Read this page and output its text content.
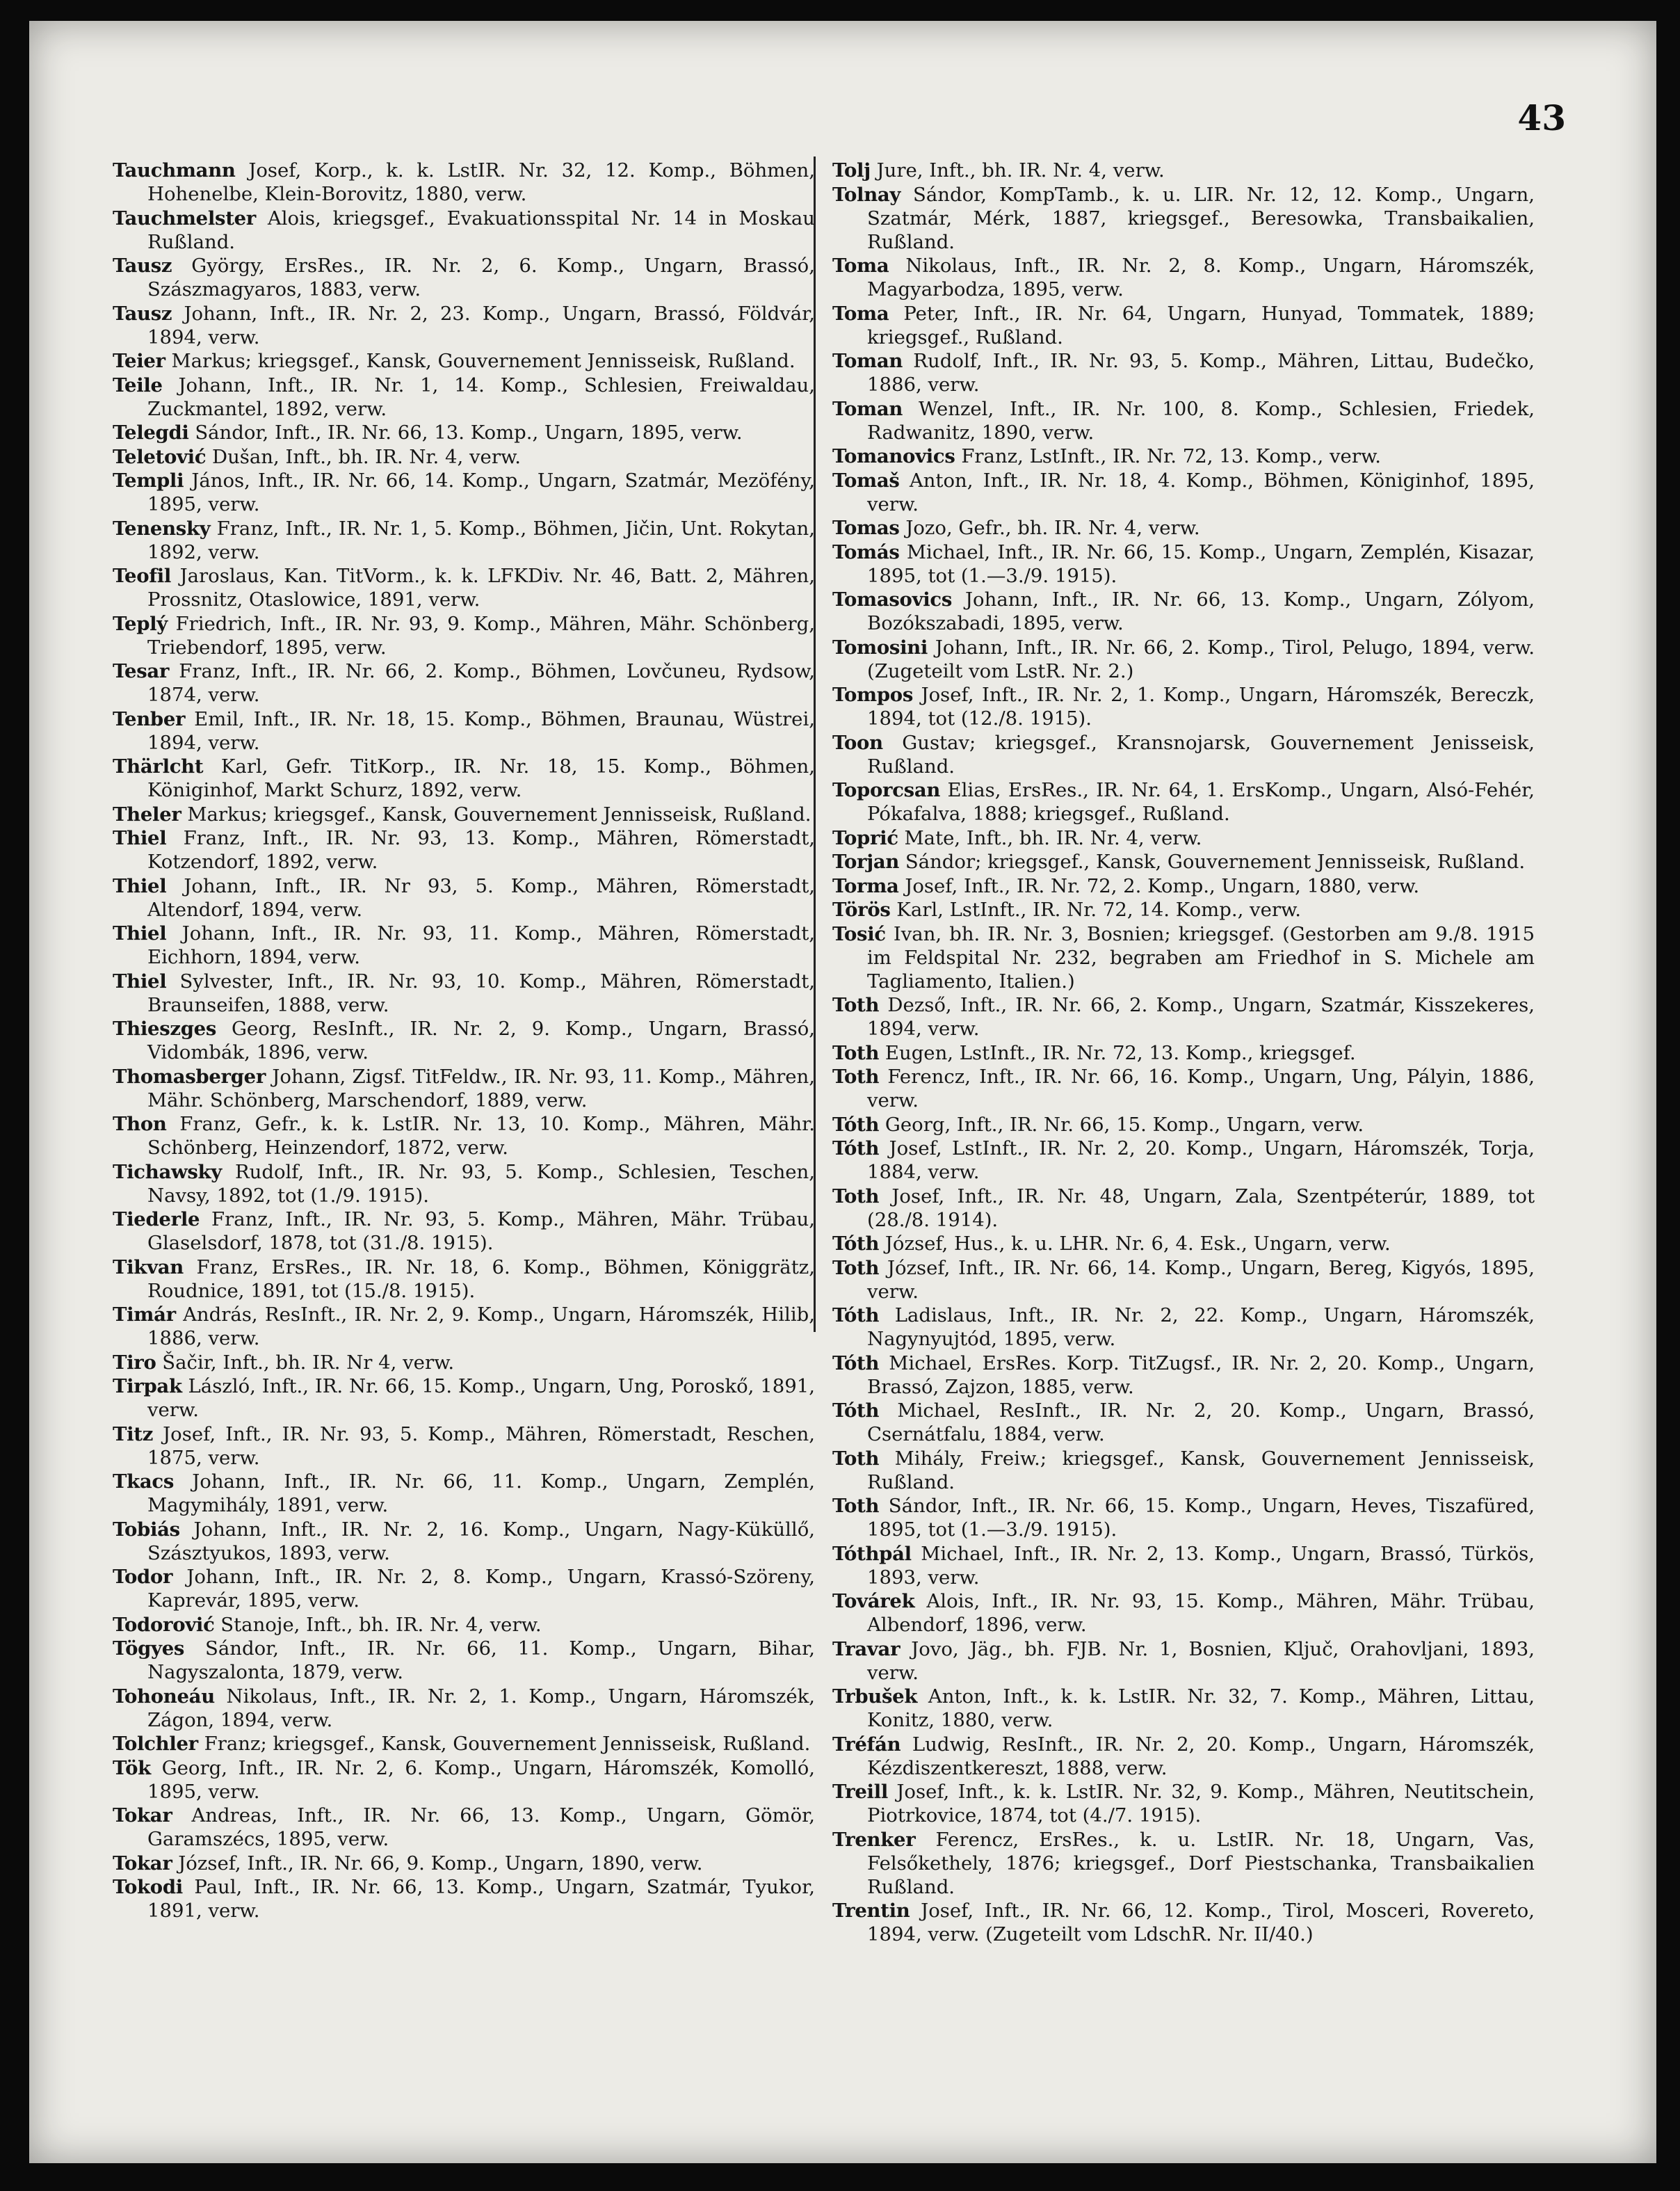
43

Tauchmann Josef, Korp., k. k. LstIR. Nr. 32, 12. Komp., Böhmen, Hohenelbe, Klein-Borovitz, 1880, verw.

Tauchmelster Alois, kriegsgef., Evakuationsspital Nr. 14 in Moskau Rußland.

Tausz György, ErsRes., IR. Nr. 2, 6. Komp., Ungarn, Brassó, Szászmagyaros, 1883, verw.

Tausz Johann, Inft., IR. Nr. 2, 23. Komp., Ungarn, Brassó, Földvár, 1894, verw.

Teier Markus; kriegsgef., Kansk, Gouvernement Jennisseisk, Rußland.

Teile Johann, Inft., IR. Nr. 1, 14. Komp., Schlesien, Freiwaldau, Zuckmantel, 1892, verw.

Telegdi Sándor, Inft., IR. Nr. 66, 13. Komp., Ungarn, 1895, verw.

Teletović Dušan, Inft., bh. IR. Nr. 4, verw.

Templi János, Inft., IR. Nr. 66, 14. Komp., Ungarn, Szatmár, Mezöfény, 1895, verw.

Tenensky Franz, Inft., IR. Nr. 1, 5. Komp., Böhmen, Jičin, Unt. Rokytan, 1892, verw.

Teofil Jaroslaus, Kan. TitVorm., k. k. LFKDiv. Nr. 46, Batt. 2, Mähren, Prossnitz, Otaslowice, 1891, verw.

Teplý Friedrich, Inft., IR. Nr. 93, 9. Komp., Mähren, Mähr. Schönberg, Triebendorf, 1895, verw.

Tesar Franz, Inft., IR. Nr. 66, 2. Komp., Böhmen, Lovčuneu, Rydsow, 1874, verw.

Tenber Emil, Inft., IR. Nr. 18, 15. Komp., Böhmen, Braunau, Wüstrei, 1894, verw.

Thärlcht Karl, Gefr. TitKorp., IR. Nr. 18, 15. Komp., Böhmen, Königinhof, Markt Schurz, 1892, verw.

Theler Markus; kriegsgef., Kansk, Gouvernement Jennisseisk, Rußland.

Thiel Franz, Inft., IR. Nr. 93, 13. Komp., Mähren, Römerstadt, Kotzendorf, 1892, verw.

Thiel Johann, Inft., IR. Nr 93, 5. Komp., Mähren, Römerstadt, Altendorf, 1894, verw.

Thiel Johann, Inft., IR. Nr. 93, 11. Komp., Mähren, Römerstadt, Eichhorn, 1894, verw.

Thiel Sylvester, Inft., IR. Nr. 93, 10. Komp., Mähren, Römerstadt, Braunseifen, 1888, verw.

Thieszges Georg, ResInft., IR. Nr. 2, 9. Komp., Ungarn, Brassó, Vidombák, 1896, verw.

Thomasberger Johann, Zigsf. TitFeldw., IR. Nr. 93, 11. Komp., Mähren, Mähr. Schönberg, Marschendorf, 1889, verw.

Thon Franz, Gefr., k. k. LstIR. Nr. 13, 10. Komp., Mähren, Mähr. Schönberg, Heinzendorf, 1872, verw.

Tichawsky Rudolf, Inft., IR. Nr. 93, 5. Komp., Schlesien, Teschen, Navsy, 1892, tot (1./9. 1915).

Tiederle Franz, Inft., IR. Nr. 93, 5. Komp., Mähren, Mähr. Trübau, Glaselsdorf, 1878, tot (31./8. 1915).

Tikvan Franz, ErsRes., IR. Nr. 18, 6. Komp., Böhmen, Königgrätz, Roudnice, 1891, tot (15./8. 1915).

Timár András, ResInft., IR. Nr. 2, 9. Komp., Ungarn, Háromszék, Hilib, 1886, verw.

Tiro Šačir, Inft., bh. IR. Nr 4, verw.

Tirpak László, Inft., IR. Nr. 66, 15. Komp., Ungarn, Ung, Poroskő, 1891, verw.

Titz Josef, Inft., IR. Nr. 93, 5. Komp., Mähren, Römerstadt, Reschen, 1875, verw.

Tkacs Johann, Inft., IR. Nr. 66, 11. Komp., Ungarn, Zemplén, Magymihály, 1891, verw.

Tobiás Johann, Inft., IR. Nr. 2, 16. Komp., Ungarn, Nagy-Küküllő, Szásztyukos, 1893, verw.

Todor Johann, Inft., IR. Nr. 2, 8. Komp., Ungarn, Krassó-Szöreny, Kaprevár, 1895, verw.

Todorović Stanoje, Inft., bh. IR. Nr. 4, verw.

Tögyes Sándor, Inft., IR. Nr. 66, 11. Komp., Ungarn, Bihar, Nagyszalonta, 1879, verw.

Tohoneáu Nikolaus, Inft., IR. Nr. 2, 1. Komp., Ungarn, Háromszék, Zágon, 1894, verw.

Tolchler Franz; kriegsgef., Kansk, Gouvernement Jennisseisk, Rußland.

Tök Georg, Inft., IR. Nr. 2, 6. Komp., Ungarn, Háromszék, Komolló, 1895, verw.

Tokar Andreas, Inft., IR. Nr. 66, 13. Komp., Ungarn, Gömör, Garamszécs, 1895, verw.

Tokar József, Inft., IR. Nr. 66, 9. Komp., Ungarn, 1890, verw.

Tokodi Paul, Inft., IR. Nr. 66, 13. Komp., Ungarn, Szatmár, Tyukor, 1891, verw.

Tolj Jure, Inft., bh. IR. Nr. 4, verw.

Tolnay Sándor, KompTamb., k. u. LIR. Nr. 12, 12. Komp., Ungarn, Szatmár, Mérk, 1887, kriegsgef., Beresowka, Transbaikalien, Rußland.

Toma Nikolaus, Inft., IR. Nr. 2, 8. Komp., Ungarn, Háromszék, Magyarbodza, 1895, verw.

Toma Peter, Inft., IR. Nr. 64, Ungarn, Hunyad, Tommatek, 1889; kriegsgef., Rußland.

Toman Rudolf, Inft., IR. Nr. 93, 5. Komp., Mähren, Littau, Budečko, 1886, verw.

Toman Wenzel, Inft., IR. Nr. 100, 8. Komp., Schlesien, Friedek, Radwanitz, 1890, verw.

Tomanovics Franz, LstInft., IR. Nr. 72, 13. Komp., verw.

Tomaš Anton, Inft., IR. Nr. 18, 4. Komp., Böhmen, Königinhof, 1895, verw.

Tomas Jozo, Gefr., bh. IR. Nr. 4, verw.

Tomás Michael, Inft., IR. Nr. 66, 15. Komp., Ungarn, Zemplén, Kisazar, 1895, tot (1.—3./9. 1915).

Tomasovics Johann, Inft., IR. Nr. 66, 13. Komp., Ungarn, Zólyom, Bozókszabadi, 1895, verw.

Tomosini Johann, Inft., IR. Nr. 66, 2. Komp., Tirol, Pelugo, 1894, verw. (Zugeteilt vom LstR. Nr. 2.)

Tompos Josef, Inft., IR. Nr. 2, 1. Komp., Ungarn, Háromszék, Bereczk, 1894, tot (12./8. 1915).

Toon Gustav; kriegsgef., Kransnojarsk, Gouvernement Jenisseisk, Rußland.

Toporcsan Elias, ErsRes., IR. Nr. 64, 1. ErsKomp., Ungarn, Alsó-Fehér, Pókafalva, 1888; kriegsgef., Rußland.

Toprić Mate, Inft., bh. IR. Nr. 4, verw.

Torjan Sándor; kriegsgef., Kansk, Gouvernement Jennisseisk, Rußland.

Torma Josef, Inft., IR. Nr. 72, 2. Komp., Ungarn, 1880, verw.

Törös Karl, LstInft., IR. Nr. 72, 14. Komp., verw.

Tosić Ivan, bh. IR. Nr. 3, Bosnien; kriegsgef. (Gestorben am 9./8. 1915 im Feldspital Nr. 232, begraben am Friedhof in S. Michele am Tagliamento, Italien.)

Toth Dezső, Inft., IR. Nr. 66, 2. Komp., Ungarn, Szatmár, Kisszekeres, 1894, verw.

Toth Eugen, LstInft., IR. Nr. 72, 13. Komp., kriegsgef.

Toth Ferencz, Inft., IR. Nr. 66, 16. Komp., Ungarn, Ung, Pályin, 1886, verw.

Tóth Georg, Inft., IR. Nr. 66, 15. Komp., Ungarn, verw.

Tóth Josef, LstInft., IR. Nr. 2, 20. Komp., Ungarn, Háromszék, Torja, 1884, verw.

Toth Josef, Inft., IR. Nr. 48, Ungarn, Zala, Szentpéterúr, 1889, tot (28./8. 1914).

Tóth József, Hus., k. u. LHR. Nr. 6, 4. Esk., Ungarn, verw.

Toth József, Inft., IR. Nr. 66, 14. Komp., Ungarn, Bereg, Kigyós, 1895, verw.

Tóth Ladislaus, Inft., IR. Nr. 2, 22. Komp., Ungarn, Háromszék, Nagynyujtód, 1895, verw.

Tóth Michael, ErsRes. Korp. TitZugsf., IR. Nr. 2, 20. Komp., Ungarn, Brassó, Zajzon, 1885, verw.

Tóth Michael, ResInft., IR. Nr. 2, 20. Komp., Ungarn, Brassó, Csernátfalu, 1884, verw.

Toth Mihály, Freiw.; kriegsgef., Kansk, Gouvernement Jennisseisk, Rußland.

Toth Sándor, Inft., IR. Nr. 66, 15. Komp., Ungarn, Heves, Tiszafüred, 1895, tot (1.—3./9. 1915).

Tóthpál Michael, Inft., IR. Nr. 2, 13. Komp., Ungarn, Brassó, Türkös, 1893, verw.

Továrek Alois, Inft., IR. Nr. 93, 15. Komp., Mähren, Mähr. Trübau, Albendorf, 1896, verw.

Travar Jovo, Jäg., bh. FJB. Nr. 1, Bosnien, Ključ, Orahovljani, 1893, verw.

Trbušek Anton, Inft., k. k. LstIR. Nr. 32, 7. Komp., Mähren, Littau, Konitz, 1880, verw.

Tréfán Ludwig, ResInft., IR. Nr. 2, 20. Komp., Ungarn, Háromszék, Kézdiszentkereszt, 1888, verw.

Treill Josef, Inft., k. k. LstIR. Nr. 32, 9. Komp., Mähren, Neutitschein, Piotrkovice, 1874, tot (4./7. 1915).

Trenker Ferencz, ErsRes., k. u. LstIR. Nr. 18, Ungarn, Vas, Felsőkethely, 1876; kriegsgef., Dorf Piestschanka, Transbaikalien Rußland.

Trentin Josef, Inft., IR. Nr. 66, 12. Komp., Tirol, Mosceri, Rovereto, 1894, verw. (Zugeteilt vom LdschR. Nr. II/40.)
